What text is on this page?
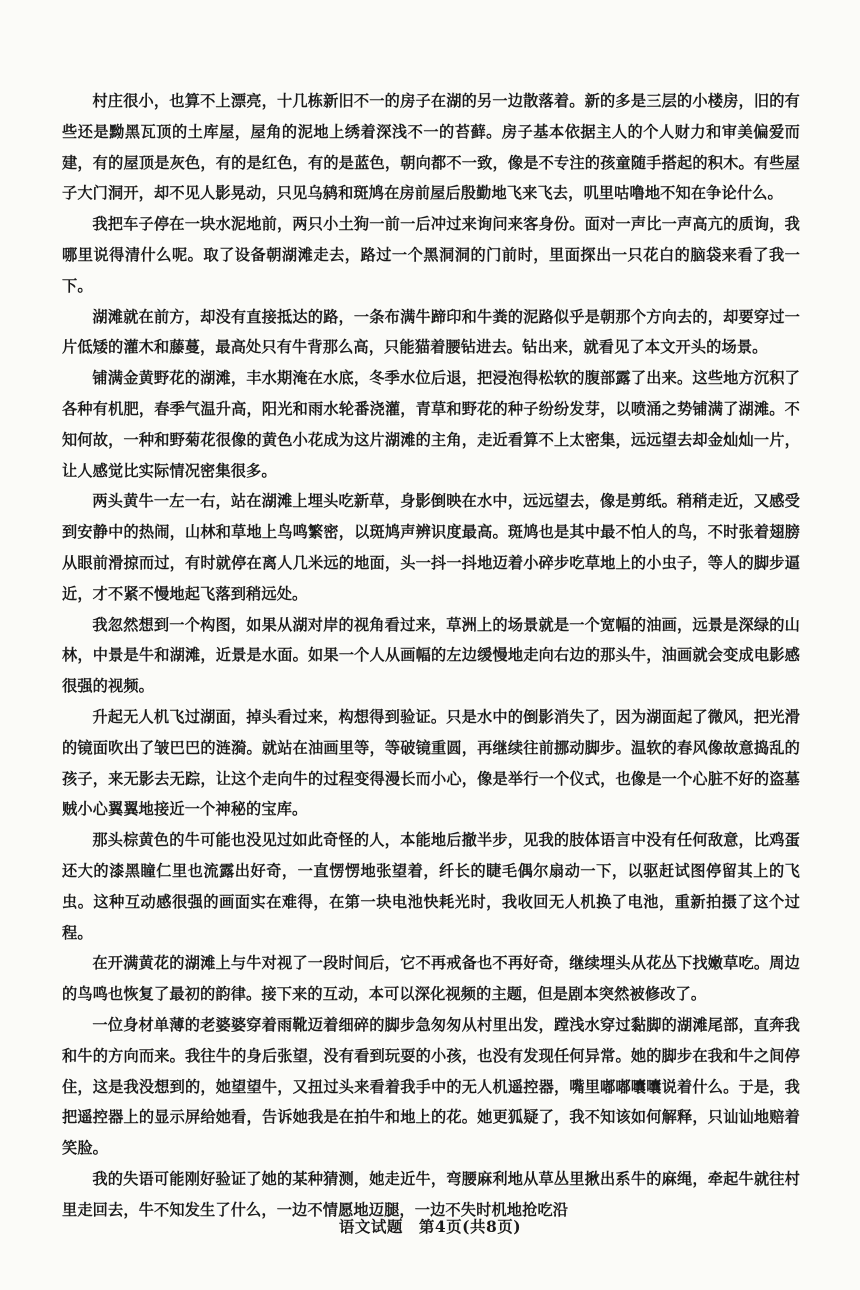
村庄很小，也算不上漂亮，十几栋新旧不一的房子在湖的另一边散落着。新的多是三层的小楼房，旧的有些还是黝黑瓦顶的土库屋，屋角的泥地上绣着深浅不一的苔藓。房子基本依据主人的个人财力和审美偏爱而建，有的屋顶是灰色，有的是红色，有的是蓝色，朝向都不一致，像是不专注的孩童随手搭起的积木。有些屋子大门洞开，却不见人影晃动，只见乌鸫和斑鸠在房前屋后殷勤地飞来飞去，叽里咕噜地不知在争论什么。

我把车子停在一块水泥地前，两只小土狗一前一后冲过来询问来客身份。面对一声比一声高亢的质询，我哪里说得清什么呢。取了设备朝湖滩走去，路过一个黑洞洞的门前时，里面探出一只花白的脑袋来看了我一下。

湖滩就在前方，却没有直接抵达的路，一条布满牛蹄印和牛粪的泥路似乎是朝那个方向去的，却要穿过一片低矮的灌木和藤蔓，最高处只有牛背那么高，只能猫着腰钻进去。钻出来，就看见了本文开头的场景。

铺满金黄野花的湖滩，丰水期淹在水底，冬季水位后退，把浸泡得松软的腹部露了出来。这些地方沉积了各种有机肥，春季气温升高，阳光和雨水轮番浇灌，青草和野花的种子纷纷发芽，以喷涌之势铺满了湖滩。不知何故，一种和野菊花很像的黄色小花成为这片湖滩的主角，走近看算不上太密集，远远望去却金灿灿一片，让人感觉比实际情况密集很多。

两头黄牛一左一右，站在湖滩上埋头吃新草，身影倒映在水中，远远望去，像是剪纸。稍稍走近，又感受到安静中的热闹，山林和草地上鸟鸣繁密，以斑鸠声辨识度最高。斑鸠也是其中最不怕人的鸟，不时张着翅膀从眼前滑掠而过，有时就停在离人几米远的地面，头一抖一抖地迈着小碎步吃草地上的小虫子，等人的脚步逼近，才不紧不慢地起飞落到稍远处。

我忽然想到一个构图，如果从湖对岸的视角看过来，草洲上的场景就是一个宽幅的油画，远景是深绿的山林，中景是牛和湖滩，近景是水面。如果一个人从画幅的左边缓慢地走向右边的那头牛，油画就会变成电影感很强的视频。

升起无人机飞过湖面，掉头看过来，构想得到验证。只是水中的倒影消失了，因为湖面起了微风，把光滑的镜面吹出了皱巴巴的涟漪。就站在油画里等，等破镜重圆，再继续往前挪动脚步。温软的春风像故意捣乱的孩子，来无影去无踪，让这个走向牛的过程变得漫长而小心，像是举行一个仪式，也像是一个心脏不好的盗墓贼小心翼翼地接近一个神秘的宝库。

那头棕黄色的牛可能也没见过如此奇怪的人，本能地后撤半步，见我的肢体语言中没有任何敌意，比鸡蛋还大的漆黑瞳仁里也流露出好奇，一直愣愣地张望着，纤长的睫毛偶尔扇动一下，以驱赶试图停留其上的飞虫。这种互动感很强的画面实在难得，在第一块电池快耗光时，我收回无人机换了电池，重新拍摄了这个过程。

在开满黄花的湖滩上与牛对视了一段时间后，它不再戒备也不再好奇，继续埋头从花丛下找嫩草吃。周边的鸟鸣也恢复了最初的韵律。接下来的互动，本可以深化视频的主题，但是剧本突然被修改了。

一位身材单薄的老婆婆穿着雨靴迈着细碎的脚步急匆匆从村里出发，蹚浅水穿过黏脚的湖滩尾部，直奔我和牛的方向而来。我往牛的身后张望，没有看到玩耍的小孩，也没有发现任何异常。她的脚步在我和牛之间停住，这是我没想到的，她望望牛，又扭过头来看着我手中的无人机遥控器，嘴里嘟嘟囔囔说着什么。于是，我把遥控器上的显示屏给她看，告诉她我是在拍牛和地上的花。她更狐疑了，我不知该如何解释，只讪讪地赔着笑脸。

我的失语可能刚好验证了她的某种猜测，她走近牛，弯腰麻利地从草丛里揪出系牛的麻绳，牵起牛就往村里走回去，牛不知发生了什么，一边不情愿地迈腿，一边不失时机地抢吃沿

语文试题　第4页(共8页)
